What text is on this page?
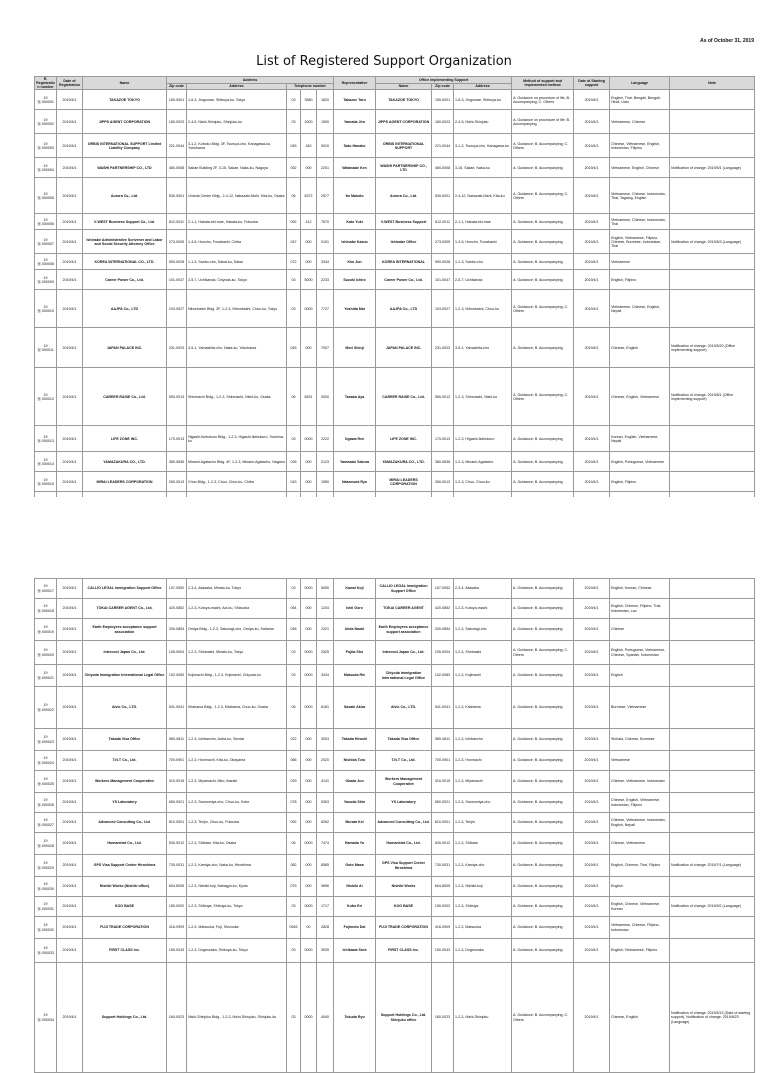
As of October 31, 2019
List of Registered Support Organization
R. Registration number	Date of Registration	Name	Address					Representative	Office Implementing Support			Method of support and implemented method	Date of Starting support	Language	Note
			Zip code	Address	Telephone number				Name	Zip code	Address				
19登-000001	2019/4/1	TAKAZOE TOKYO	150-0001	1-6-3, Jingumae, Shibuya-ku, Tokyo	03	3580	1820	Takazoe Taro	TAKAZOE TOKYO	150-0001	1-6-3, Jingumae, Shibuya-ku	A. Guidance on procedure of life; B. Accompanying; C. Others	2019/4/1	English, Thai, Bengali, Bengali, Hindi, Urdu	
19登-000002	2019/4/1	JIPPS AGENT CORPORATION	160-0023	2-4-5, Nishi-Shinjuku, Shinjuku-ku	03	2000	1500	Yamada Jiro	JIPPS AGENT CORPORATION	160-0023	2-4-5, Nishi-Shinjuku	A. Guidance on procedure of life; B. Accompanying	2019/4/1	Vietnamese, Chinese	
19登-000003	2019/4/1	ORBIS INTERNATIONAL SUPPORT Limited Liability Company	221-0044	3-1-2, Kohoku Bldg. 3F, Tsuruya-cho, Kanagawa-ku, Yokohama	045	340	0010	Sato Hanako	ORBIS INTERNATIONAL SUPPORT	221-0044	3-1-2, Tsuruya-cho, Kanagawa-ku	A. Guidance; B. Accompanying; C. Others	2019/4/1	Chinese, Vietnamese, English, Indonesian, Filipino	
19登-000004	2019/4/1	WASHI PARTNERSHIP CO., LTD	460-0008	Sakae Building 2F, 3-15, Sakae, Naka-ku, Nagoya	052	000	2201	Watanabe Ken	WASHI PARTNERSHIP CO., LTD	460-0008	3-15, Sakae, Naka-ku	A. Guidance; B. Accompanying	2019/4/1	Vietnamese, English, Chinese	Notification of change: 2019/5/1 (Language)
19登-000005	2019/4/1	Aurora Co., Ltd.	530-0001	Umeda Center Bldg., 2-4-12, Nakazaki-Nishi, Kita-ku, Osaka	06	6372	2577	Ito Makoto	Aurora Co., Ltd.	530-0001	2-4-12, Nakazaki-Nishi, Kita-ku	A. Guidance; B. Accompanying; C. Others	2019/4/1	Vietnamese, Chinese, Indonesian, Thai, Tagalog, English	
19登-000006	2019/4/1	V-WEST Business Support Co., Ltd.	812-0011	2-1-1, Hakata-eki-mae, Hakata-ku, Fukuoka	092	412	7670	Kato Yuki	V-WEST Business Support	812-0011	2-1-1, Hakata-eki-mae	A. Guidance; B. Accompanying	2019/4/1	Vietnamese, Chinese, Indonesian, Thai	
19登-000007	2019/4/1	Ishinabe Administrative Scrivener and Labor and Social Security Attorney Office	273-0005	1-4-5, Honcho, Funabashi, Chiba	047	000	0101	Ishinabe Kazuo	Ishinabe Office	273-0005	1-4-5, Honcho, Funabashi	A. Guidance; B. Accompanying	2019/4/1	English, Vietnamese, Filipino, Chinese, Burmese, Indonesian, Thai	Notification of change: 2019/6/3 (Language)
19登-000008	2019/4/1	KOREA INTERNATIONAL CO., LTD.	590-0028	1-1-3, Sanbo-cho, Sakai-ku, Sakai	072	000	3344	Kim Jun	KOREA INTERNATIONAL	590-0028	1-1-3, Sanbo-cho	A. Guidance; B. Accompanying	2019/4/1	Vietnamese	
19登-000009	2019/4/1	Career Power Co., Ltd.	101-0047	2-5-7, Uchikanda, Chiyoda-ku, Tokyo	03	5000	2233	Suzuki Ichiro	Career Power Co., Ltd.	101-0047	2-5-7, Uchikanda	A. Guidance; B. Accompanying	2019/4/1	English, Filipino	
19登-000010	2019/4/1	AAJPA Co., LTD	103-0027	Nihonbashi Bldg. 3F, 1-2-3, Nihonbashi, Chuo-ku, Tokyo	03	0000	7727	Yoshida Mai	AAJPA Co., LTD	103-0027	1-2-3, Nihonbashi, Chuo-ku	A. Guidance; B. Accompanying; C. Others	2019/4/1	Vietnamese, Chinese, English, Nepali	
19登-000011	2019/4/1	JAPAN PALACE INC.	231-0023	3-5-1, Yamashita-cho, Naka-ku, Yokohama	045	000	7007	Mori Shinji	JAPAN PALACE INC.	231-0023	3-5-1, Yamashita-cho	A. Guidance; B. Accompanying	2019/4/1	Chinese, English	Notification of change: 2019/5/20 (Office implementing support)
19登-000012	2019/4/1	CAREER RAISE Co., Ltd.	550-0013	Shinmachi Bldg., 1-2-3, Shinmachi, Nishi-ku, Osaka	06	6531	0000	Tanaka Aya	CAREER RAISE Co., Ltd.	550-0013	1-2-3, Shinmachi, Nishi-ku	A. Guidance; B. Accompanying; C. Others	2019/4/1	Chinese, English, Vietnamese	Notification of change: 2019/8/1 (Office implementing support)
19登-000013	2019/4/1	LIFE ZONE INC.	170-0013	Higashi-Ikebukuro Bldg., 1-2-3, Higashi-Ikebukuro, Toshima-ku	03	0000	2222	Ogawa Ren	LIFE ZONE INC.	170-0013	1-2-3, Higashi-Ikebukuro	A. Guidance; B. Accompanying	2019/4/1	Korean, English, Vietnamese, Nepali	
19登-000014	2019/4/1	YAMAZAKURA CO., LTD.	380-0836	Minami-Agatacho Bldg. 4F, 1-2-3, Minami-Agatacho, Nagano	026	000	2123	Yamazaki Sakura	YAMAZAKURA CO., LTD.	380-0836	1-2-3, Minami-Agatacho	A. Guidance; B. Accompanying	2019/4/1	English, Portuguese, Vietnamese	
19登-000015	2019/4/1	MIRAI LEADERS CORPORATION	260-0013	Chuo Bldg., 1-2-3, Chuo, Chuo-ku, Chiba	043	000	1550	Nakamura Ryo	MIRAI LEADERS CORPORATION	260-0013	1-2-3, Chuo, Chuo-ku	A. Guidance; B. Accompanying	2019/4/1	English, Filipino	

19登-000017	2019/4/1	CALLIO LEGAL Immigration Support Office	107-0052	2-3-4, Akasaka, Minato-ku, Tokyo	03	0000	5050	Kawai Koji	CALLIO LEGAL Immigration Support Office	107-0052	2-3-4, Akasaka	A. Guidance; B. Accompanying	2019/4/1	English, Korean, Chinese	
19登-000018	2019/4/1	TOKAI CAREER AGENT Co., Ltd.	420-0852	1-2-3, Kotoya-machi, Aoi-ku, Shizuoka	054	000	1234	Ishii Goro	TOKAI CAREER AGENT	420-0852	1-2-3, Kotoya-machi	A. Guidance; B. Accompanying	2019/4/1	English, Chinese, Filipino, Thai, Indonesian, Lao	
19登-000019	2019/4/1	Earth Employees acceptance support association	330-0854	Omiya Bldg., 1-2-3, Sakuragi-cho, Omiya-ku, Saitama	048	000	2321	Ueda Naoki	Earth Employees acceptance support association	330-0854	1-2-3, Sakuragi-cho	A. Guidance; B. Accompanying	2019/4/1	Chinese	
19登-000020	2019/4/1	Intercool Japan Co., Ltd.	105-0004	1-2-3, Shinbashi, Minato-ku, Tokyo	03	0000	2525	Fujita Sho	Intercool Japan Co., Ltd.	105-0004	1-2-3, Shinbashi	A. Guidance; B. Accompanying; C. Others	2019/4/1	English, Portuguese, Vietnamese, Chinese, Spanish, Indonesian	
19登-000021	2019/4/1	Chiyoda Immigration International Legal Office	102-0083	Kojimachi Bldg., 1-2-3, Kojimachi, Chiyoda-ku	03	0000	3434	Matsuda Rie	Chiyoda Immigration International Legal Office	102-0083	1-2-3, Kojimachi	A. Guidance; B. Accompanying	2019/4/1	English	
19登-000022	2019/4/1	Alvic Co., LTD.	541-0041	Kitahama Bldg., 1-2-3, Kitahama, Chuo-ku, Osaka	06	0000	8181	Sasaki Akira	Alvic Co., LTD.	541-0041	1-2-3, Kitahama	A. Guidance; B. Accompanying	2019/4/1	Burmese, Vietnamese	
19登-000023	2019/4/1	Takada Visa Office	980-0811	1-2-3, Ichibancho, Aoba-ku, Sendai	022	000	3003	Takada Hiroshi	Takada Visa Office	980-0811	1-2-3, Ichibancho	A. Guidance; B. Accompanying	2019/4/1	Sinhala, Chinese, Burmese	
19登-000024	2019/4/1	T.N.T Co., Ltd.	700-0901	1-2-3, Honmachi, Kita-ku, Okayama	086	000	2020	Nishida Toru	T.N.T Co., Ltd.	700-0901	1-2-3, Honmachi	A. Guidance; B. Accompanying	2019/4/1	Vietnamese	
19登-000025	2019/4/1	Workers Management Cooperative	310-0015	1-2-3, Miyamachi, Mito, Ibaraki	029	000	4141	Okada Jun	Workers Management Cooperative	310-0015	1-2-3, Miyamachi	A. Guidance; B. Accompanying	2019/4/1	Chinese, Vietnamese, Indonesian	
19登-000026	2019/4/1	YS Laboratory	650-0021	1-2-3, Sannomiya-cho, Chuo-ku, Kobe	078	000	5353	Yasuda Shin	YS Laboratory	650-0021	1-2-3, Sannomiya-cho	A. Guidance; B. Accompanying	2019/4/1	Chinese, English, Vietnamese, Indonesian, Filipino	
19登-000027	2019/4/1	Advanced Consulting Co., Ltd.	810-0001	1-2-3, Tenjin, Chuo-ku, Fukuoka	092	000	6262	Murata Kei	Advanced Consulting Co., Ltd.	810-0001	1-2-3, Tenjin	A. Guidance; B. Accompanying	2019/4/1	Chinese, Vietnamese, Indonesian, English, Nepali	
19登-000028	2019/4/1	Humanbird Co., Ltd.	530-0012	1-2-3, Shibata, Kita-ku, Osaka	06	0000	7474	Hamada Yu	Humanbird Co., Ltd.	530-0012	1-2-3, Shibata	A. Guidance; B. Accompanying	2019/4/1	Chinese, Vietnamese	
19登-000029	2019/4/1	GPS Visa Support Center Hiroshima	730-0031	1-2-3, Kamiya-cho, Naka-ku, Hiroshima	082	000	8585	Goto Masa	GPS Visa Support Center Hiroshima	730-0031	1-2-3, Kamiya-cho	A. Guidance; B. Accompanying	2019/4/1	English, Chinese, Thai, Filipino	Notification of change: 2019/7/1 (Language)
19登-000030	2019/4/1	Nishiki Works (Nishiki office)	604-8005	1-2-3, Nishiki-koji, Nakagyo-ku, Kyoto	075	000	9696	Nishiki Ai	Nishiki Works	604-8005	1-2-3, Nishiki-koji	A. Guidance; B. Accompanying	2019/4/1	English	
19登-000031	2019/4/1	KOO BASE	150-0002	1-2-3, Shibuya, Shibuya-ku, Tokyo	03	0000	1717	Kubo Eri	KOO BASE	150-0002	1-2-3, Shibuya	A. Guidance; B. Accompanying	2019/4/1	English, Chinese, Vietnamese, Korean	Notification of change: 2019/9/2 (Language)
19登-000032	2019/4/1	FUJI TRADE CORPORATION	416-0909	1-2-3, Matsuoka, Fuji, Shizuoka	0545	00	2828	Fujimoto Dai	FUJI TRADE CORPORATION	416-0909	1-2-3, Matsuoka	A. Guidance; B. Accompanying	2019/4/1	Vietnamese, Chinese, Filipino, Indonesian	
19登-000033	2019/4/1	FIRST CLASS Inc.	150-0043	1-2-3, Dogenzaka, Shibuya-ku, Tokyo	03	0000	3939	Ichikawa Sora	FIRST CLASS Inc.	150-0043	1-2-3, Dogenzaka	A. Guidance; B. Accompanying	2019/4/1	English, Vietnamese, Filipino	
19登-000034	2019/4/1	Support Holdings Co., Ltd.	160-0023	Nishi-Shinjuku Bldg., 1-2-3, Nishi-Shinjuku, Shinjuku-ku	03	0000	4040	Tokuda Ryo	Support Holdings Co., Ltd. Shinjuku office	160-0023	1-2-3, Nishi-Shinjuku	A. Guidance; B. Accompanying; C. Others	2019/4/1	Chinese, English	Notification of change: 2019/5/13 (Date of starting support), Notification of change: 2019/8/23 (Language)
